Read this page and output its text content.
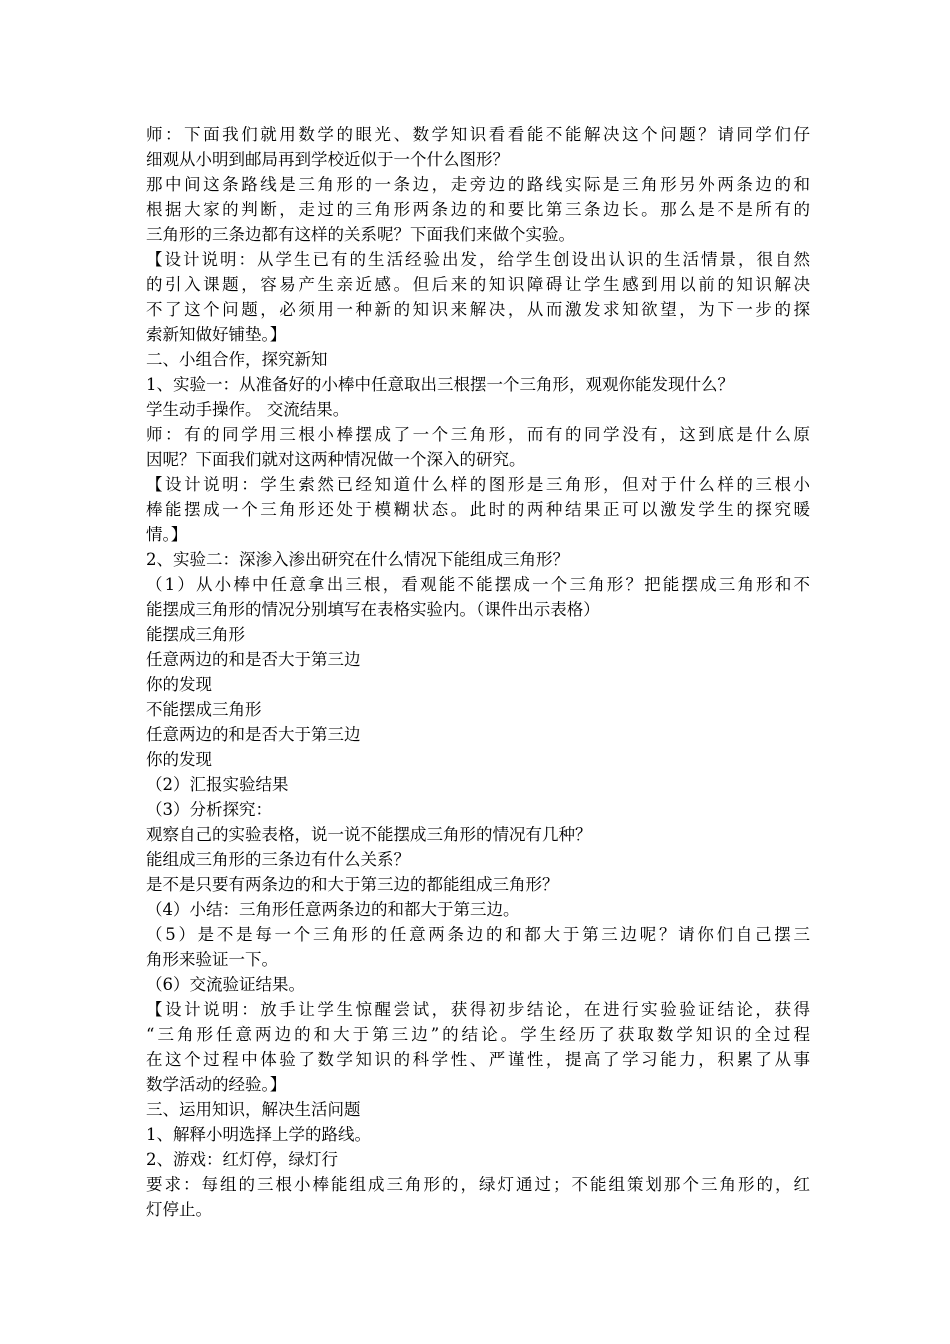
师：下面我们就用数学的眼光、数学知识看看能不能解决这个问题？请同学们仔
细观从小明到邮局再到学校近似于一个什么图形？
那中间这条路线是三角形的一条边，走旁边的路线实际是三角形另外两条边的和
根据大家的判断，走过的三角形两条边的和要比第三条边长。那么是不是所有的
三角形的三条边都有这样的关系呢？下面我们来做个实验。
【设计说明：从学生已有的生活经验出发，给学生创设出认识的生活情景，很自然
的引入课题，容易产生亲近感。但后来的知识障碍让学生感到用以前的知识解决
不了这个问题，必须用一种新的知识来解决，从而激发求知欲望，为下一步的探
索新知做好铺垫。】
二、小组合作，探究新知
1、实验一：从准备好的小棒中任意取出三根摆一个三角形，观观你能发现什么？
学生动手操作。 交流结果。
师：有的同学用三根小棒摆成了一个三角形，而有的同学没有，这到底是什么原
因呢？下面我们就对这两种情况做一个深入的研究。
【设计说明：学生索然已经知道什么样的图形是三角形，但对于什么样的三根小
棒能摆成一个三角形还处于模糊状态。此时的两种结果正可以激发学生的探究暖
情。】
2、实验二：深渗入渗出研究在什么情况下能组成三角形？
（1）从小棒中任意拿出三根，看观能不能摆成一个三角形？把能摆成三角形和不
能摆成三角形的情况分别填写在表格实验内。（课件出示表格）
能摆成三角形
任意两边的和是否大于第三边
你的发现
不能摆成三角形
任意两边的和是否大于第三边
你的发现
（2）汇报实验结果
（3）分析探究：
观察自己的实验表格，说一说不能摆成三角形的情况有几种？
能组成三角形的三条边有什么关系？
是不是只要有两条边的和大于第三边的都能组成三角形？
（4）小结：三角形任意两条边的和都大于第三边。
（5）是不是每一个三角形的任意两条边的和都大于第三边呢？请你们自己摆三
角形来验证一下。
（6）交流验证结果。
【设计说明：放手让学生惊醒尝试，获得初步结论，在进行实验验证结论，获得
“三角形任意两边的和大于第三边”的结论。学生经历了获取数学知识的全过程
在这个过程中体验了数学知识的科学性、严谨性，提高了学习能力，积累了从事
数学活动的经验。】
三、运用知识，解决生活问题
1、解释小明选择上学的路线。
2、游戏：红灯停，绿灯行
要求：每组的三根小棒能组成三角形的，绿灯通过；不能组策划那个三角形的，红
灯停止。
